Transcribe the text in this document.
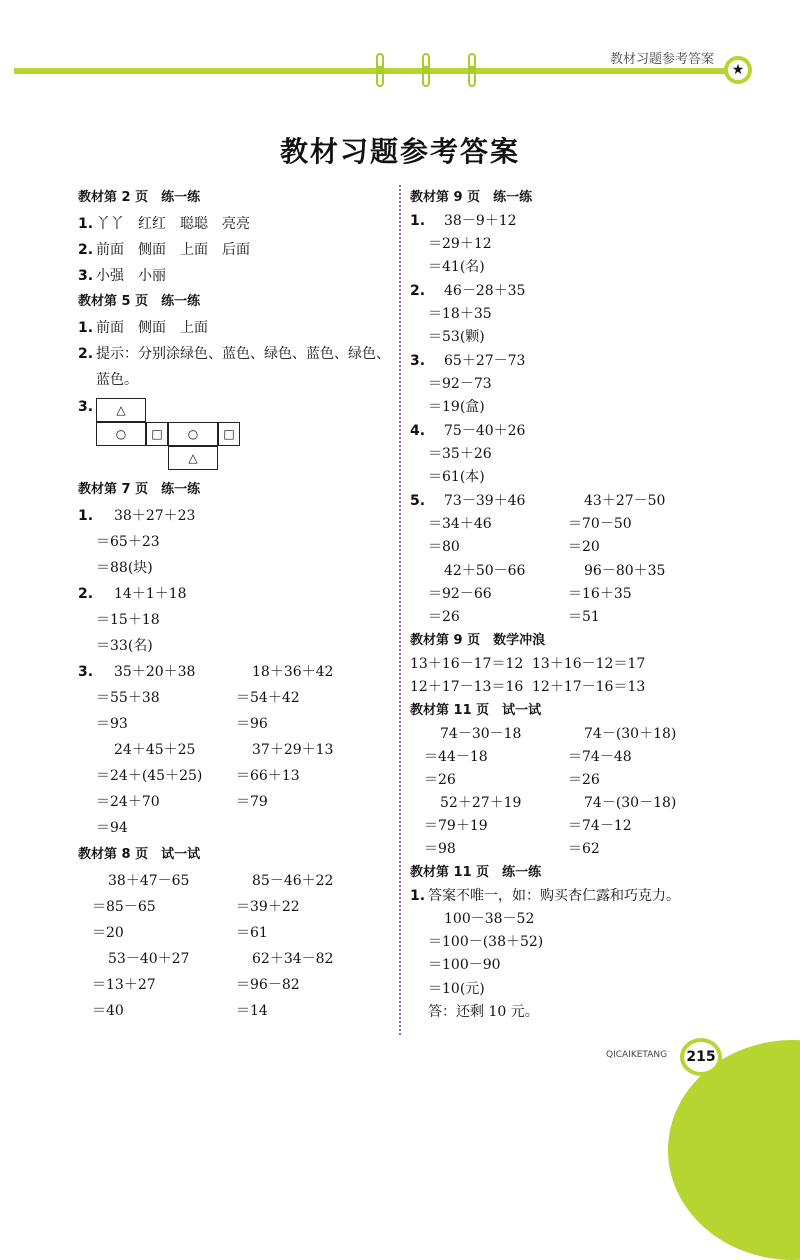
教材习题参考答案
★
教材习题参考答案
教材第 2 页　练一练
1. 丫丫　红红　聪聪　亮亮
2. 前面　侧面　上面　后面
3. 小强　小丽
教材第 5 页　练一练
1. 前面　侧面　上面
2. 提示：分别涂绿色、蓝色、绿色、蓝色、绿色、
蓝色。
3.	△
○	□	○	□
△
教材第 7 页　练一练
1. 38＋27＋23
＝65＋23
＝88(块)
2. 14＋1＋18
＝15＋18
＝33(名)
3. 35＋20＋38	18＋36＋42
＝55＋38	＝54＋42
＝93	＝96
24＋45＋25	37＋29＋13
＝24＋(45＋25) ＝66＋13
＝24＋70	＝79
＝94
教材第 8 页　试一试
38＋47－65	85－46＋22
＝85－65	＝39＋22
＝20	＝61
53－40＋27	62＋34－82
＝13＋27	＝96－82
＝40	＝14
教材第 9 页　练一练
1. 38－9＋12
＝29＋12
＝41(名)
2. 46－28＋35
＝18＋35
＝53(颗)
3. 65＋27－73
＝92－73
＝19(盒)
4. 75－40＋26
＝35＋26
＝61(本)
5. 73－39＋46	43＋27－50
＝34＋46	＝70－50
＝80	＝20
42＋50－66	96－80＋35
＝92－66	＝16＋35
＝26	＝51
教材第 9 页　数学冲浪
13＋16－17＝12 13＋16－12＝17
12＋17－13＝16 12＋17－16＝13
教材第 11 页　试一试
74－30－18	74－(30＋18)
＝44－18	＝74－48
＝26	＝26
52＋27＋19	74－(30－18)
＝79＋19	＝74－12
＝98	＝62
教材第 11 页　练一练
1. 答案不唯一，如：购买杏仁露和巧克力。
100－38－52
＝100－(38＋52)
＝100－90
＝10(元)
答：还剩 10 元。
QICAIKETANG	215
